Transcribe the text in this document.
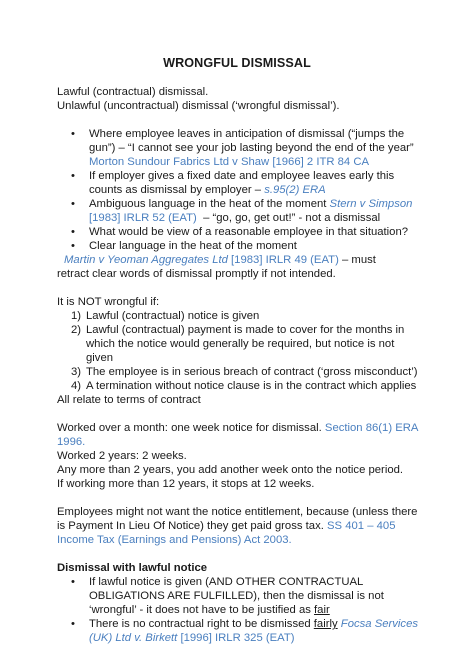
WRONGFUL DISMISSAL
Lawful (contractual) dismissal.
Unlawful (uncontractual) dismissal (‘wrongful dismissal’).
• Where employee leaves in anticipation of dismissal (“jumps the
gun”) – “I cannot see your job lasting beyond the end of the year”
Morton Sundour Fabrics Ltd v Shaw [1966] 2 ITR 84 CA
• If employer gives a fixed date and employee leaves early this
counts as dismissal by employer – s.95(2) ERA
• Ambiguous language in the heat of the moment Stern v Simpson
[1983] IRLR 52 (EAT)  – “go, go, get out!” - not a dismissal
• What would be view of a reasonable employee in that situation?
• Clear language in the heat of the moment
Martin v Yeoman Aggregates Ltd [1983] IRLR 49 (EAT) – must
retract clear words of dismissal promptly if not intended.
It is NOT wrongful if:
1) Lawful (contractual) notice is given
2) Lawful (contractual) payment is made to cover for the months in
which the notice would generally be required, but notice is not
given
3) The employee is in serious breach of contract (‘gross misconduct’)
4) A termination without notice clause is in the contract which applies
All relate to terms of contract
Worked over a month: one week notice for dismissal. Section 86(1) ERA
1996.
Worked 2 years: 2 weeks.
Any more than 2 years, you add another week onto the notice period.
If working more than 12 years, it stops at 12 weeks.
Employees might not want the notice entitlement, because (unless there
is Payment In Lieu Of Notice) they get paid gross tax. SS 401 – 405
Income Tax (Earnings and Pensions) Act 2003.
Dismissal with lawful notice
• If lawful notice is given (AND OTHER CONTRACTUAL
OBLIGATIONS ARE FULFILLED), then the dismissal is not
‘wrongful’ - it does not have to be justified as fair
• There is no contractual right to be dismissed fairly Focsa Services
(UK) Ltd v. Birkett [1996] IRLR 325 (EAT)
